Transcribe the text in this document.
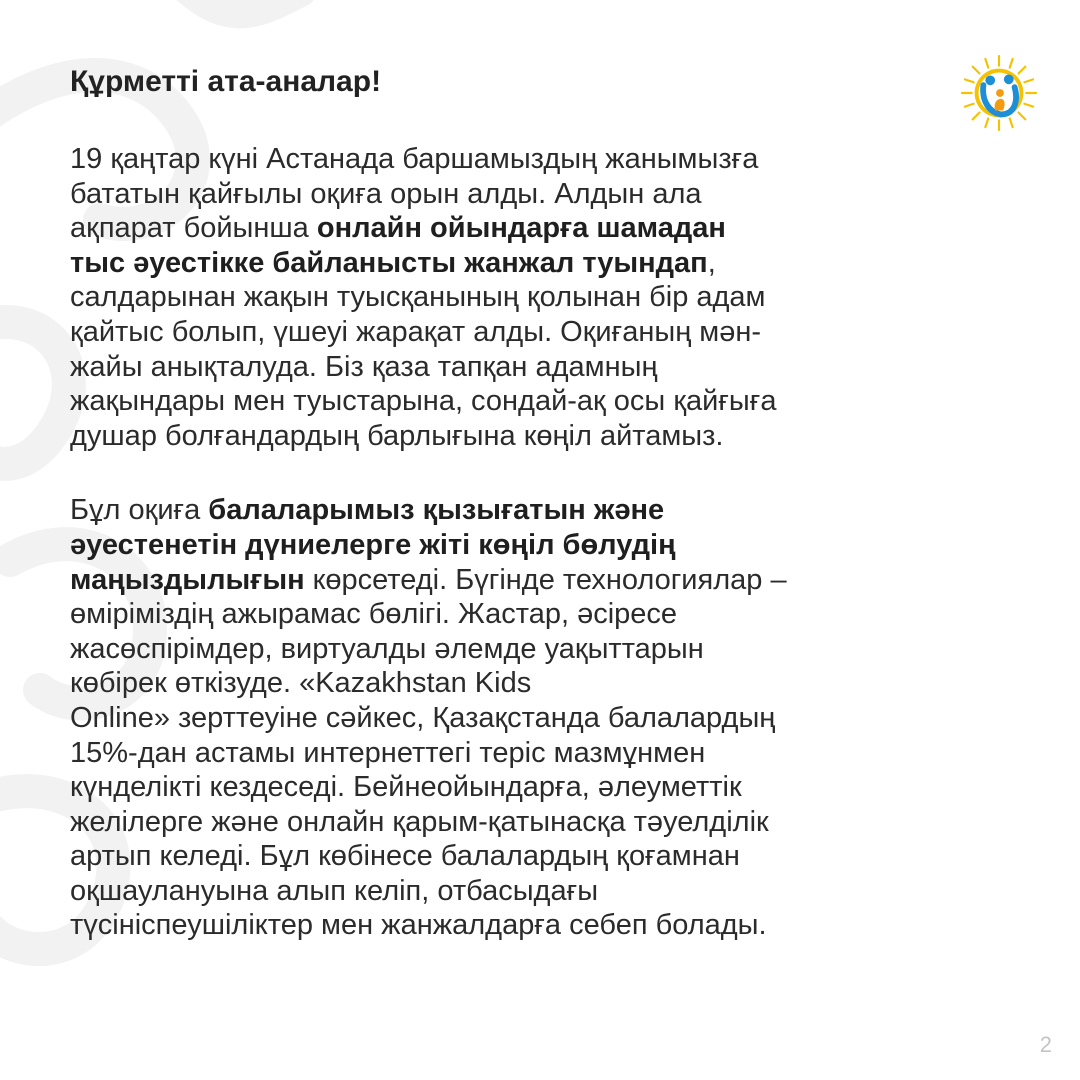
Құрметті ата-аналар!

19 қаңтар күні Астанада баршамыздың жанымызға
бататын қайғылы оқиға орын алды. Алдын ала
ақпарат бойынша онлайн ойындарға шамадан
тыс әуестікке байланысты жанжал туындап,
салдарынан жақын туысқанының қолынан бір адам
қайтыс болып, үшеуі жарақат алды. Оқиғаның мән-
жайы анықталуда. Біз қаза тапқан адамның
жақындары мен туыстарына, сондай-ақ осы қайғыға
душар болғандардың барлығына көңіл айтамыз.

Бұл оқиға балаларымыз қызығатын және
әуестенетін дүниелерге жіті көңіл бөлудің
маңыздылығын көрсетеді. Бүгінде технологиялар –
өміріміздің ажырамас бөлігі. Жастар, әсіресе
жасөспірімдер, виртуалды әлемде уақыттарын
көбірек өткізуде. «Kazakhstan Kids
Online» зерттеуіне сәйкес, Қазақстанда балалардың
15%-дан астамы интернеттегі теріс мазмұнмен
күнделікті кездеседі. Бейнеойындарға, әлеуметтік
желілерге және онлайн қарым-қатынасқа тәуелділік
артып келеді. Бұл көбінесе балалардың қоғамнан
оқшаулануына алып келіп, отбасыдағы
түсініспеушіліктер мен жанжалдарға себеп болады.

2
